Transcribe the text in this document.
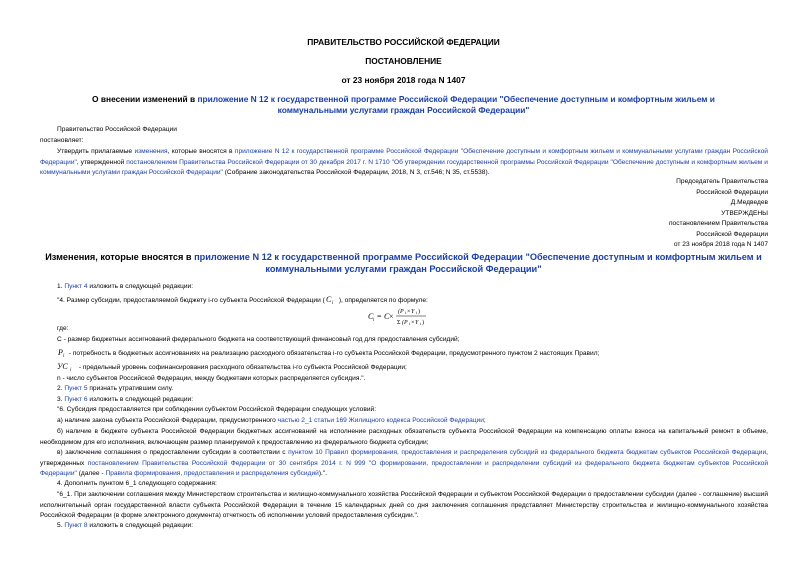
ПРАВИТЕЛЬСТВО РОССИЙСКОЙ ФЕДЕРАЦИИ
ПОСТАНОВЛЕНИЕ
от 23 ноября 2018 года N 1407
О внесении изменений в приложение N 12 к государственной программе Российской Федерации "Обеспечение доступным и комфортным жильем и
коммунальными услугами граждан Российской Федерации"
Правительство Российской Федерации
постановляет:
Утвердить прилагаемые изменения, которые вносятся в приложение N 12 к государственной программе Российской Федерации "Обеспечение доступным и комфортным жильем и коммунальными услугами граждан Российской Федерации", утвержденной постановлением Правительства Российской Федерации от 30 декабря 2017 г. N 1710 "Об утверждении государственной программы Российской Федерации "Обеспечение доступным и комфортным жильем и коммунальными услугами граждан Российской Федерации" (Собрание законодательства Российской Федерации, 2018, N 3, ст.546; N 35, ст.5538).
Председатель Правительства
Российской Федерации
Д.Медведев
УТВЕРЖДЕНЫ
постановлением Правительства
Российской Федерации
от 23 ноября 2018 года N 1407
Изменения, которые вносятся в приложение N 12 к государственной программе Российской Федерации "Обеспечение доступным и комфортным жильем и
коммунальными услугами граждан Российской Федерации"
1. Пункт 4 изложить в следующей редакции:
"4. Размер субсидии, предоставляемой бюджету i-го субъекта Российской Федерации ( C i ), определяется по формуле:
C i = C × (P i × Y i )
Σ (P i × Y i )
где:
C - размер бюджетных ассигнований федерального бюджета на соответствующий финансовый год для предоставления субсидий;
P i - потребность в бюджетных ассигнованиях на реализацию расходного обязательства i-го субъекта Российской Федерации, предусмотренного пунктом 2 настоящих Правил;
УС i - предельный уровень софинансирования расходного обязательства i-го субъекта Российской Федерации;
n - число субъектов Российской Федерации, между бюджетами которых распределяется субсидия.".
2. Пункт 5 признать утратившим силу.
3. Пункт 6 изложить в следующей редакции:
"6. Субсидия предоставляется при соблюдении субъектом Российской Федерации следующих условий:
а) наличие закона субъекта Российской Федерации, предусмотренного частью 2_1 статьи 169 Жилищного кодекса Российской Федерации;
б) наличие в бюджете субъекта Российской Федерации бюджетных ассигнований на исполнение расходных обязательств субъекта Российской Федерации на компенсацию оплаты взноса на капитальный ремонт в объеме, необходимом для его исполнения, включающем размер планируемой к предоставлению из федерального бюджета субсидии;
в) заключение соглашения о предоставлении субсидии в соответствии с пунктом 10 Правил формирования, предоставления и распределения субсидий из федерального бюджета бюджетам субъектов Российской Федерации, утвержденных постановлением Правительства Российской Федерации от 30 сентября 2014 г. N 999 "О формировании, предоставлении и распределении субсидий из федерального бюджета бюджетам субъектов Российской Федерации" (далее - Правила формирования, предоставления и распределения субсидий).".
4. Дополнить пунктом 6_1 следующего содержания:
"6_1. При заключении соглашения между Министерством строительства и жилищно-коммунального хозяйства Российской Федерации и субъектом Российской Федерации о предоставлении субсидии (далее - соглашение) высший исполнительный орган государственной власти субъекта Российской Федерации в течение 15 календарных дней со дня заключения соглашения представляет Министерству строительства и жилищно-коммунального хозяйства Российской Федерации (в форме электронного документа) отчетность об исполнении условий предоставления субсидии.".
5. Пункт 8 изложить в следующей редакции:
